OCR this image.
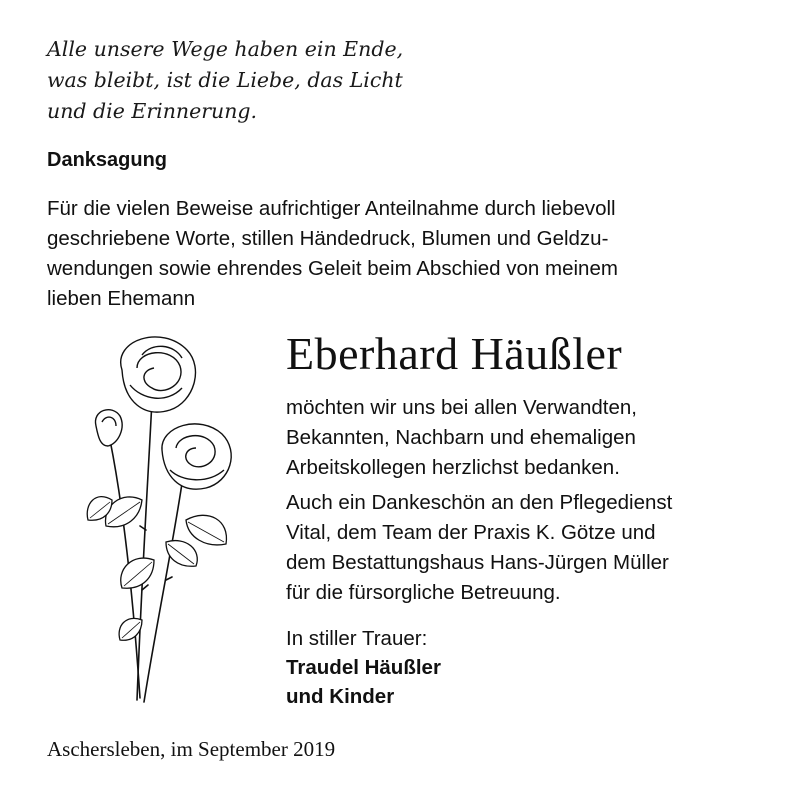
Alle unsere Wege haben ein Ende,
was bleibt, ist die Liebe, das Licht
und die Erinnerung.
Danksagung
Für die vielen Beweise aufrichtiger Anteilnahme durch liebevoll
geschriebene Worte, stillen Händedruck, Blumen und Geldzu-
wendungen sowie ehrendes Geleit beim Abschied von meinem
lieben Ehemann
Eberhard Häußler
möchten wir uns bei allen Verwandten,
Bekannten, Nachbarn und ehemaligen
Arbeitskollegen herzlichst bedanken.
Auch ein Dankeschön an den Pflegedienst
Vital, dem Team der Praxis K. Götze und
dem Bestattungshaus Hans-Jürgen Müller
für die fürsorgliche Betreuung.
In stiller Trauer:
Traudel Häußler
und Kinder
Aschersleben, im September 2019
